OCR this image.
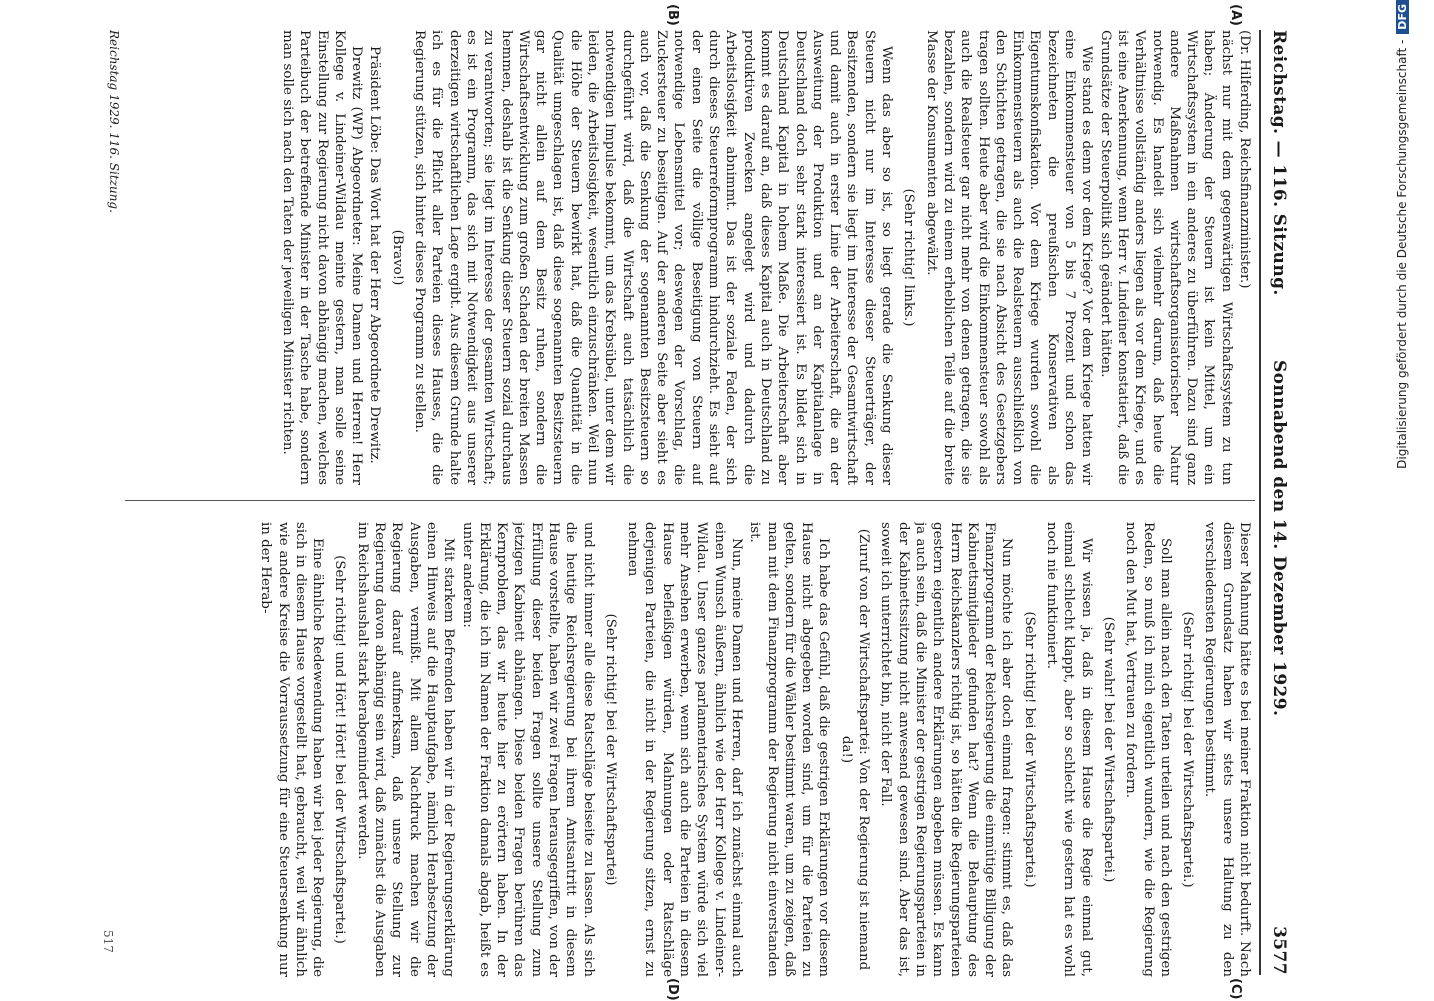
Reichstag. — 116. Sitzung.
Sonnabend den 14. Dezember 1929.
3577
(A)
(B)
(C)
(D)

(Dr. Hilferding, Reichsfinanzminister.)

nächst nur mit dem gegenwärtigen Wirtschaftssystem zu tun haben; Änderung der Steuern ist kein Mittel, um ein Wirtschaftssystem in ein anderes zu überführen. Dazu sind ganz andere Maßnahmen wirtschaftsorganisatorischer Natur notwendig. Es handelt sich vielmehr darum, daß heute die Verhältnisse vollständig anders liegen als vor dem Kriege, und es ist eine Anerkennung, wenn Herr v. Lindeiner konstatiert, daß die Grundsätze der Steuerpolitik sich geändert hätten.

Wie stand es denn vor dem Kriege? Vor dem Kriege hatten wir eine Einkommensteuer von 5 bis 7 Prozent und schon das bezeichneten die preußischen Konservativen als Eigentumskonfiskation. Vor dem Kriege wurden sowohl die Einkommensteuern als auch die Realsteuern ausschließlich von den Schichten getragen, die sie nach Absicht des Gesetzgebers tragen sollten. Heute aber wird die Einkommensteuer sowohl als auch die Realsteuer gar nicht mehr von denen getragen, die sie bezahlen, sondern wird zu einem erheblichen Teile auf die breite Masse der Konsumenten abgewälzt.

(Sehr richtig! links.)

Wenn das aber so ist, so liegt gerade die Senkung dieser Steuern nicht nur im Interesse dieser Steuerträger, der Besitzenden, sondern sie liegt im Interesse der Gesamtwirtschaft und damit auch in erster Linie der Arbeiterschaft, die an der Ausweitung der Produktion und an der Kapitalanlage in Deutschland doch sehr stark interessiert ist. Es bildet sich in Deutschland Kapital in hohem Maße. Die Arbeiterschaft aber kommt es darauf an, daß dieses Kapital auch in Deutschland zu produktiven Zwecken angelegt wird und dadurch die Arbeitslosigkeit abnimmt. Das ist der soziale Faden, der sich durch dieses Steuerreformprogramm hindurchzieht. Es sieht auf der einen Seite die völlige Beseitigung von Steuern auf notwendige Lebensmittel vor; deswegen der Vorschlag, die Zuckersteuer zu beseitigen. Auf der anderen Seite aber sieht es auch vor, daß die Senkung der sogenannten Besitzsteuern so durchgeführt wird, daß die Wirtschaft auch tatsächlich die notwendigen Impulse bekommt, um das Krebsübel, unter dem wir leiden, die Arbeitslosigkeit, wesentlich einzuschränken. Weil nun die Höhe der Steuern bewirkt hat, daß die Quantität in die Qualität umgeschlagen ist, daß diese sogenannten Besitzsteuern gar nicht allein auf dem Besitz ruhen, sondern die Wirtschaftsentwicklung zum großen Schaden der breiten Massen hemmen, deshalb ist die Senkung dieser Steuern sozial durchaus zu verantworten; sie liegt im Interesse der gesamten Wirtschaft; es ist ein Programm, das sich mit Notwendigkeit aus unserer derzeitigen wirtschaftlichen Lage ergibt. Aus diesem Grunde halte ich es für die Pflicht aller Parteien dieses Hauses, die die Regierung stützen, sich hinter dieses Programm zu stellen.

(Bravo!)

Präsident Löbe: Das Wort hat der Herr Abgeordnete Drewitz.

Drewitz (WP) Abgeordneter: Meine Damen und Herren! Herr Kollege v. Lindeiner-Wildau meinte gestern, man solle seine Einstellung zur Regierung nicht davon abhängig machen, welches Parteibuch der betreffende Minister in der Tasche habe, sondern man solle sich nach den Taten der jeweiligen Minister richten.

Dieser Mahnung hätte es bei meiner Fraktion nicht bedurft. Nach diesem Grundsatz haben wir stets unsere Haltung zu den verschiedensten Regierungen bestimmt.

(Sehr richtig! bei der Wirtschaftspartei.)

Soll man allein nach den Taten urteilen und nach den gestrigen Reden, so muß ich mich eigentlich wundern, wie die Regierung noch den Mut hat, Vertrauen zu fordern.

(Sehr wahr! bei der Wirtschaftspartei.)

Wir wissen ja, daß in diesem Hause die Regie einmal gut, einmal schlecht klappt, aber so schlecht wie gestern hat es wohl noch nie funktioniert.

(Sehr richtig! bei der Wirtschaftspartei.)

Nun möchte ich aber doch einmal fragen: stimmt es, daß das Finanzprogramm der Reichsregierung die einmütige Billigung der Kabinettsmitglieder gefunden hat? Wenn die Behauptung des Herrn Reichskanzlers richtig ist, so hätten die Regierungsparteien gestern eigentlich andere Erklärungen abgeben müssen. Es kann ja auch sein, daß die Minister der gestrigen Regierungsparteien in der Kabinettssitzung nicht anwesend gewesen sind. Aber das ist, soweit ich unterrichtet bin, nicht der Fall.

(Zuruf von der Wirtschaftspartei: Von der Regierung ist niemand da!)

Ich habe das Gefühl, daß die gestrigen Erklärungen vor diesem Hause nicht abgegeben worden sind, um für die Parteien zu gelten, sondern für die Wähler bestimmt waren, um zu zeigen, daß man mit dem Finanzprogramm der Regierung nicht einverstanden ist.

Nun, meine Damen und Herren, darf ich zunächst einmal auch einen Wunsch äußern, ähnlich wie der Herr Kollege v. Lindeiner-Wildau. Unser ganzes parlamentarisches System würde sich viel mehr Ansehen erwerben, wenn sich auch die Parteien in diesem Hause befleißigen würden, Mahnungen oder Ratschläge derjenigen Parteien, die nicht in der Regierung sitzen, ernst zu nehmen

(Sehr richtig! bei der Wirtschaftspartei)

und nicht immer alle diese Ratschläge beiseite zu lassen. Als sich die heutige Reichsregierung bei ihrem Amtsantritt in diesem Hause vorstellte, haben wir zwei Fragen herausgegriffen, von der Erfüllung dieser beiden Fragen sollte unsere Stellung zum jetzigen Kabinett abhängen. Diese beiden Fragen berühren das Kernproblem, das wir heute hier zu erörtern haben. In der Erklärung, die ich im Namen der Fraktion damals abgab, heißt es unter anderem:

Mit starkem Befremden haben wir in der Regierungserklärung einen Hinweis auf die Hauptaufgabe, nämlich Herabsetzung der Ausgaben, vermißt. Mit allem Nachdruck machen wir die Regierung darauf aufmerksam, daß unsere Stellung zur Regierung davon abhängig sein wird, daß zunächst die Ausgaben im Reichshaushalt stark herabgemindert werden.

(Sehr richtig! und Hört! Hört! bei der Wirtschaftspartei.)

Eine ähnliche Redewendung haben wir bei jeder Regierung, die sich in diesem Hause vorgestellt hat, gebraucht, weil wir ähnlich wie andere Kreise die Vorraussetzung für eine Steuersenkung nur in der Herab-

Reichstag 1929. 116. Sitzung.
517
Digitalisierung gefördert durch die Deutsche Forschungsgemeinschaft -DFG
